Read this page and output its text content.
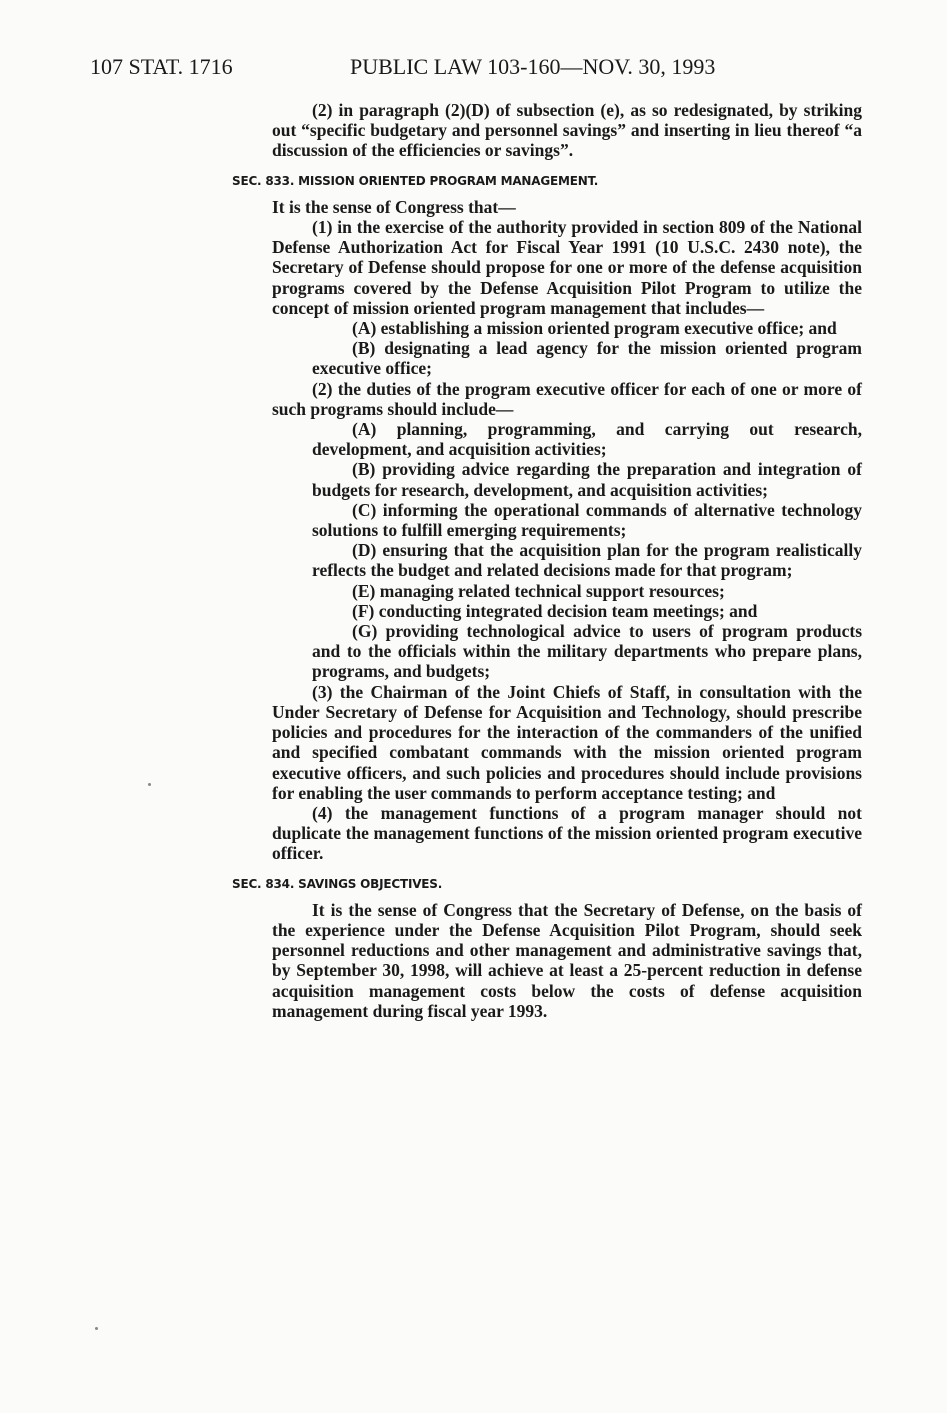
107 STAT. 1716	PUBLIC LAW 103-160—NOV. 30, 1993

(2) in paragraph (2)(D) of subsection (e), as so redesignated, by striking out “specific budgetary and personnel savings” and inserting in lieu thereof “a discussion of the efficiencies or savings”.

SEC. 833. MISSION ORIENTED PROGRAM MANAGEMENT.

It is the sense of Congress that—

(1) in the exercise of the authority provided in section 809 of the National Defense Authorization Act for Fiscal Year 1991 (10 U.S.C. 2430 note), the Secretary of Defense should propose for one or more of the defense acquisition programs covered by the Defense Acquisition Pilot Program to utilize the concept of mission oriented program management that includes—

(A) establishing a mission oriented program executive office; and

(B) designating a lead agency for the mission oriented program executive office;

(2) the duties of the program executive officer for each of one or more of such programs should include—

(A) planning, programming, and carrying out research, development, and acquisition activities;

(B) providing advice regarding the preparation and integration of budgets for research, development, and acquisition activities;

(C) informing the operational commands of alternative technology solutions to fulfill emerging requirements;

(D) ensuring that the acquisition plan for the program realistically reflects the budget and related decisions made for that program;

(E) managing related technical support resources;

(F) conducting integrated decision team meetings; and

(G) providing technological advice to users of program products and to the officials within the military departments who prepare plans, programs, and budgets;

(3) the Chairman of the Joint Chiefs of Staff, in consultation with the Under Secretary of Defense for Acquisition and Technology, should prescribe policies and procedures for the interaction of the commanders of the unified and specified combatant commands with the mission oriented program executive officers, and such policies and procedures should include provisions for enabling the user commands to perform acceptance testing; and

(4) the management functions of a program manager should not duplicate the management functions of the mission oriented program executive officer.

SEC. 834. SAVINGS OBJECTIVES.

It is the sense of Congress that the Secretary of Defense, on the basis of the experience under the Defense Acquisition Pilot Program, should seek personnel reductions and other management and administrative savings that, by September 30, 1998, will achieve at least a 25-percent reduction in defense acquisition management costs below the costs of defense acquisition management during fiscal year 1993.
